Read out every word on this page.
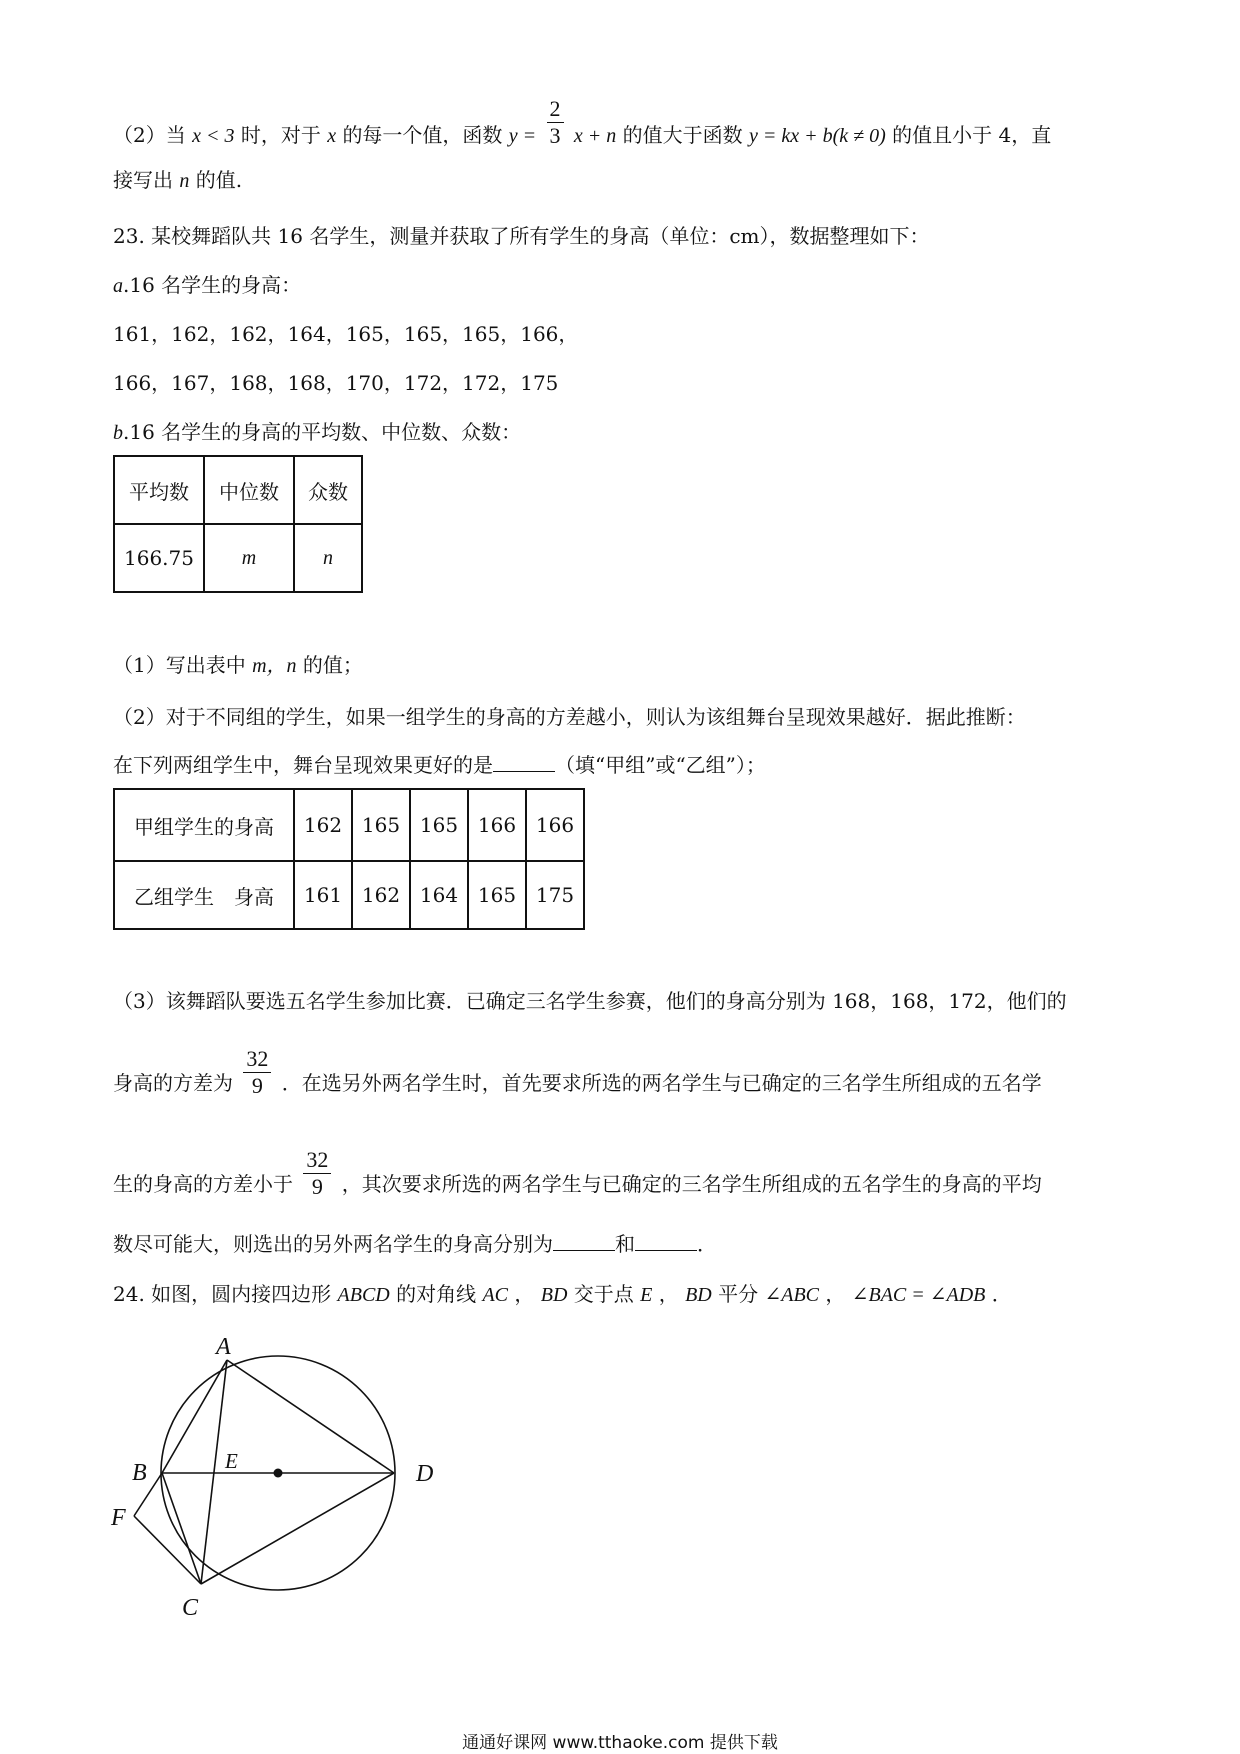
（2）当 x < 3 时，对于 x 的每一个值，函数 $y = \frac{2}{3}$ x + n 的值大于函数 y = kx + b(k ≠ 0) 的值且小于 4，直
接写出 n 的值.
23. 某校舞蹈队共 16 名学生，测量并获取了所有学生的身高（单位：cm），数据整理如下：
a.16 名学生的身高：
161，162，162，164，165，165，165，166，
166，167，168，168，170，172，172，175
b.16 名学生的身高的平均数、中位数、众数：
平均数	中位数	众数
166.75	m	n
（1）写出表中 m，n 的值；
（2）对于不同组的学生，如果一组学生的身高的方差越小，则认为该组舞台呈现效果越好．据此推断：
在下列两组学生中，舞台呈现效果更好的是	（填“甲组”或“乙组”）；
甲组学生的身高	162	165	165	166	166
乙组学生　身高	161	162	164	165	175
（3）该舞蹈队要选五名学生参加比赛．已确定三名学生参赛，他们的身高分别为 168，168，172，他们的
身高的方差为 $\frac{32}{9}$ ．在选另外两名学生时，首先要求所选的两名学生与已确定的三名学生所组成的五名学
生的身高的方差小于 $\frac{32}{9}$ ，其次要求所选的两名学生与已确定的三名学生所组成的五名学生的身高的平均
数尽可能大，则选出的另外两名学生的身高分别为	和	．
24. 如图，圆内接四边形 ABCD 的对角线 AC ， BD 交于点 E ， BD 平分 ∠ABC ， ∠BAC = ∠ADB ．
A
B
C
D
E
F
通通好课网 www.tthaoke.com 提供下载
